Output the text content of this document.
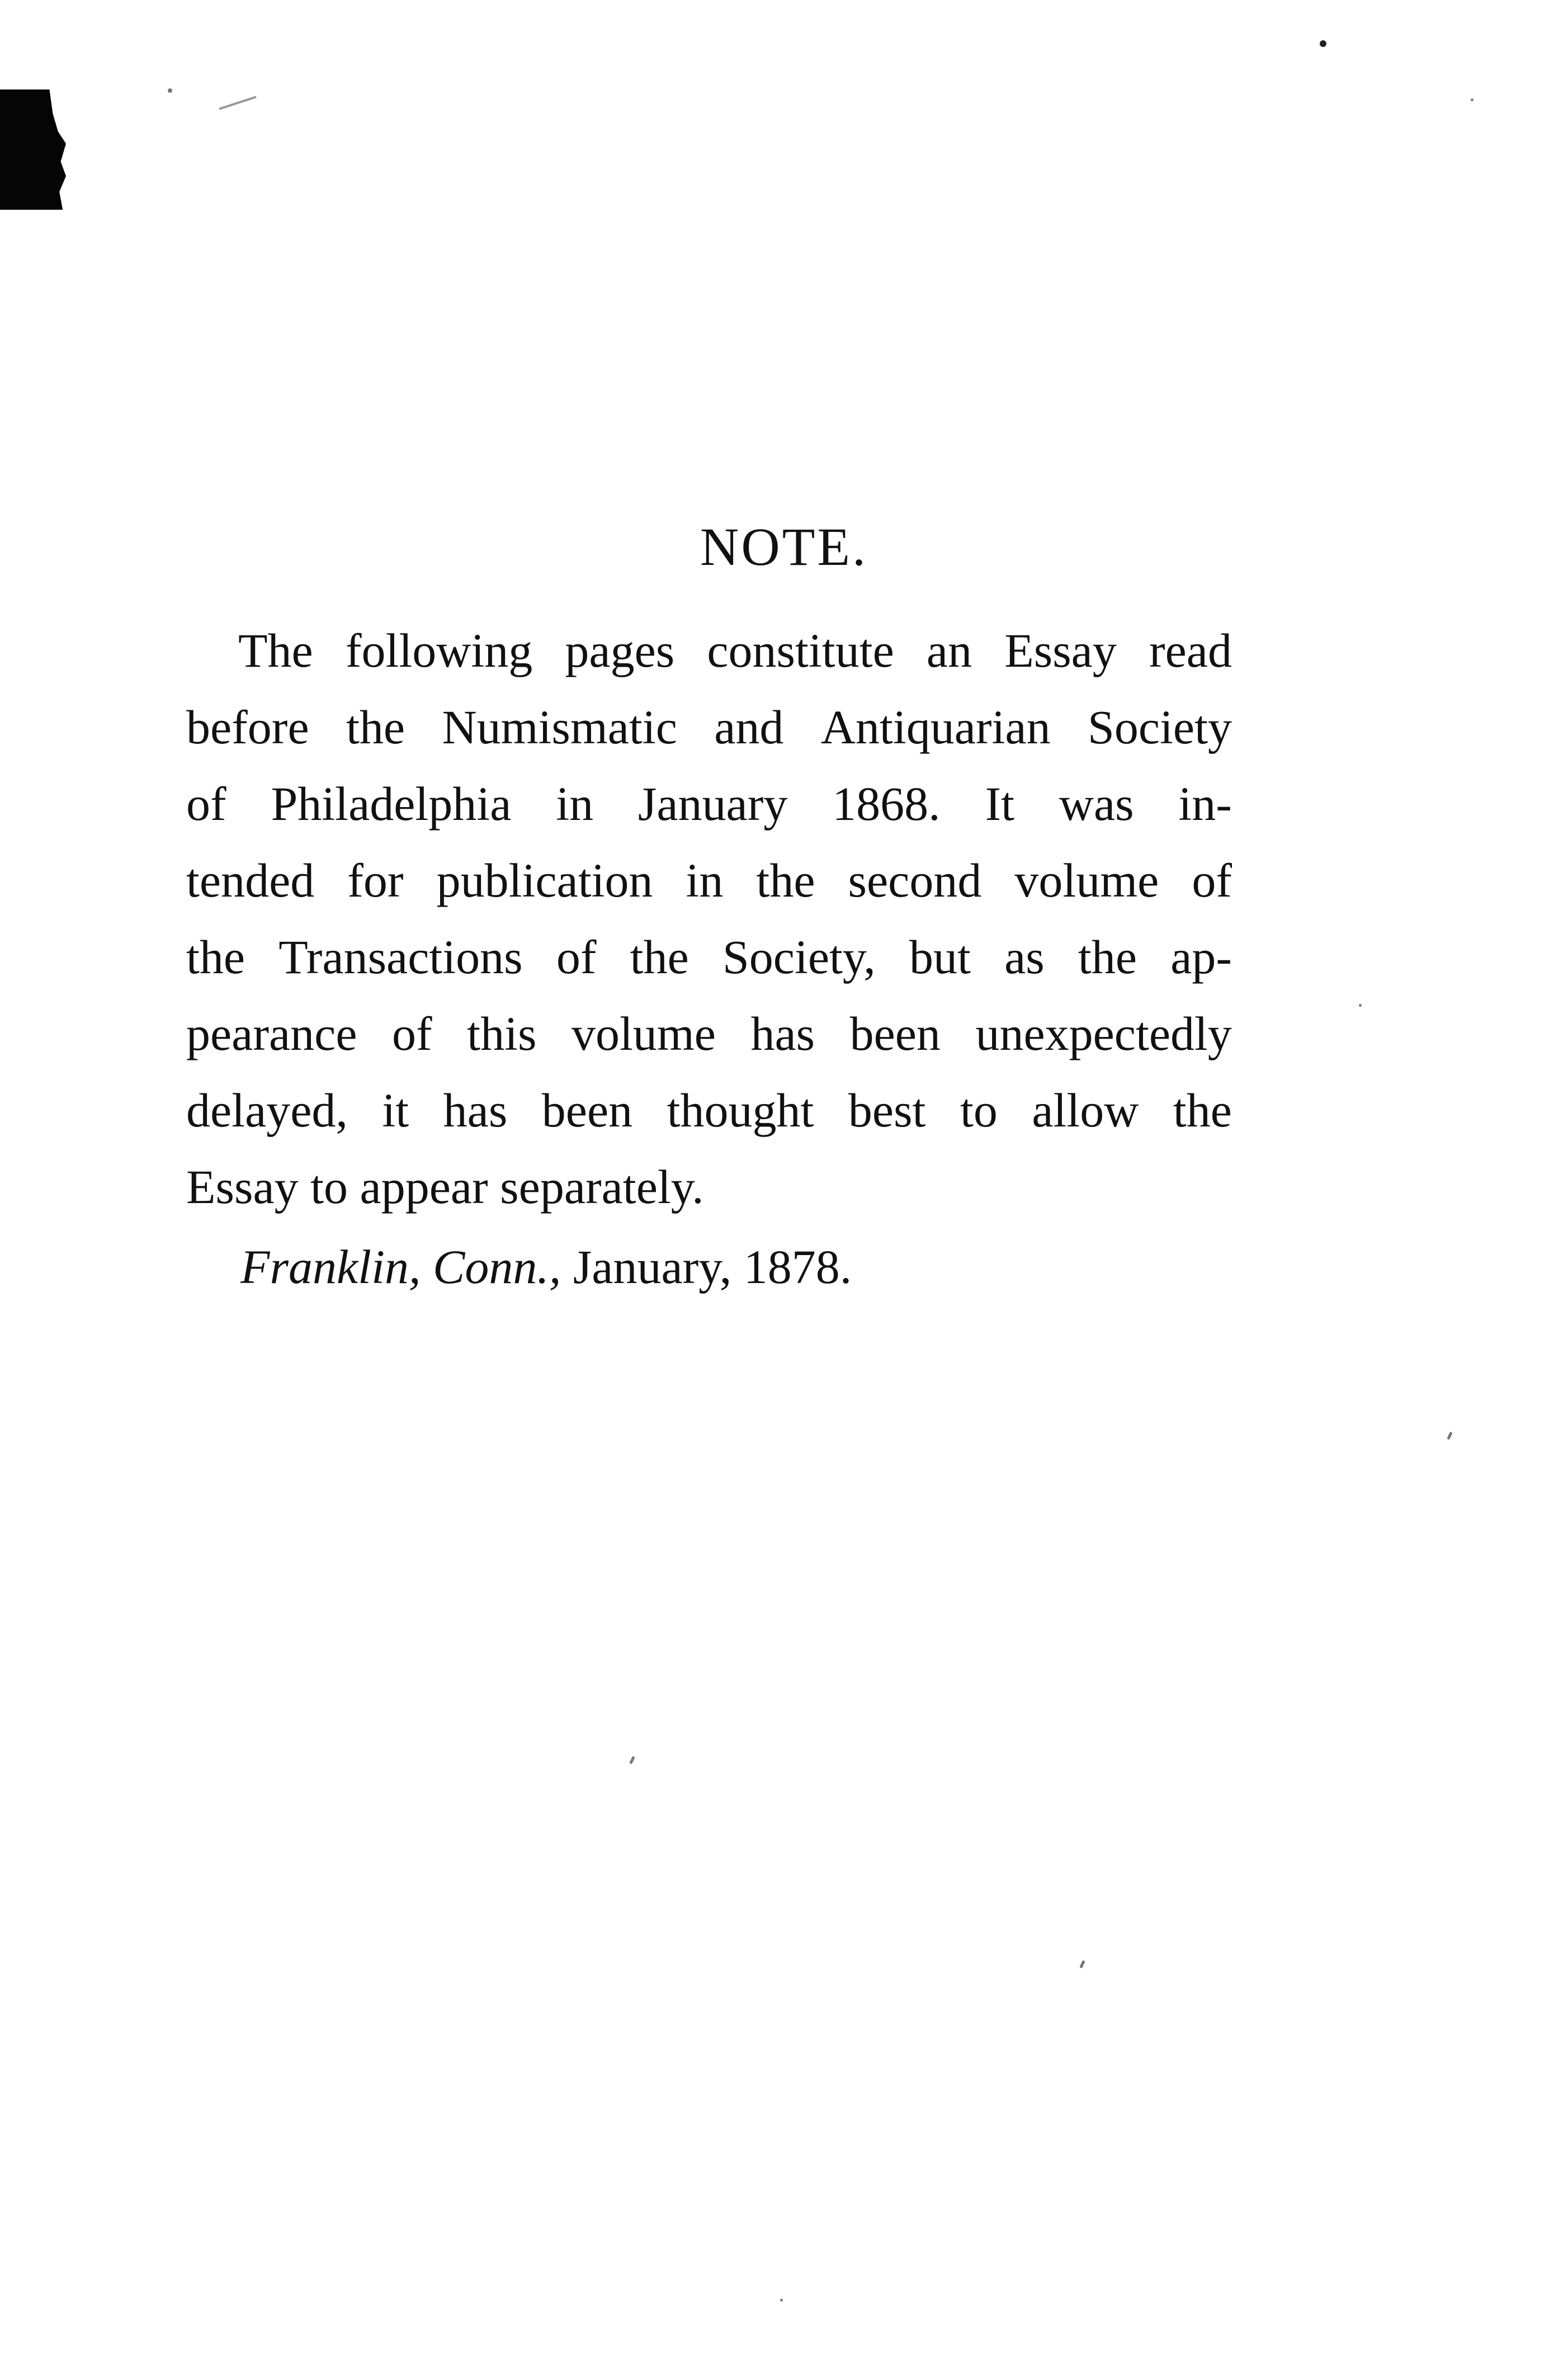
NOTE.
The following pages constitute an Essay read
before the Numismatic and Antiquarian Society
of Philadelphia in January 1868. It was in-
tended for publication in the second volume of
the Transactions of the Society, but as the ap-
pearance of this volume has been unexpectedly
delayed, it has been thought best to allow the
Essay to appear separately.
Franklin, Conn., January, 1878.
